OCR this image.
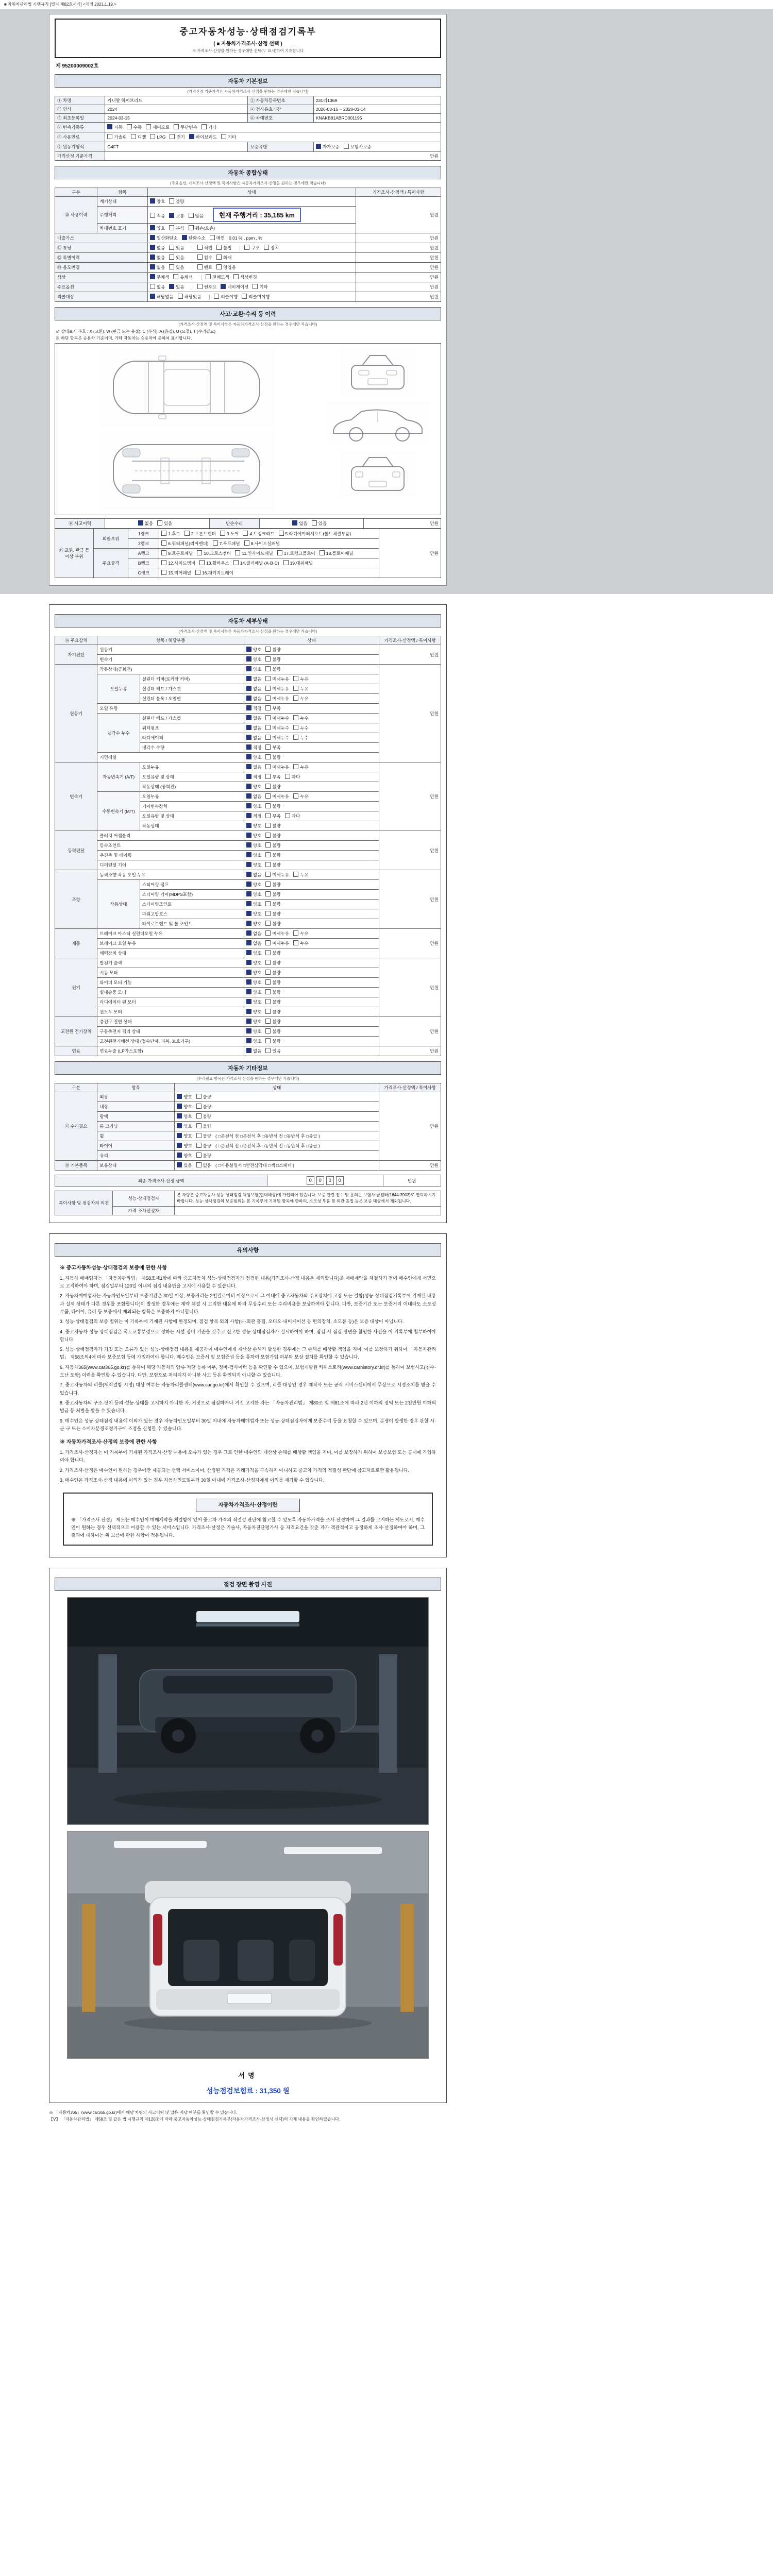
■ 자동차관리법 시행규칙 [별지 제82호서식] <개정 2021.1.19.>
중고자동차성능·상태점검기록부
( ■ 자동차가격조사·산정 선택 )
※ 가격조사·산정을 원하는 경우에만 선택(∨ 표시)하여 기재합니다
제 95200009002호
자동차 기본정보
(가격산정 기준가격은 자동차가격조사·산정을 원하는 경우에만 적습니다)
① 차명	카니발 하이브리드	② 자동차등록번호	231러1369
③ 연식	2024	④ 검사유효기간	2026-03-15 ~ 2028-03-14
⑤ 최초등록일	2024-03-15	⑥ 차대번호	KNAKB81ABRD001195
⑦ 변속기종류	자동 수동 세미오토 무단변속 기타		
⑧ 사용연료	가솔린 디젤 LPG 전기 하이브리드 기타		
⑨ 원동기형식	G4FT	보증유형	자가보증 보험사보증
가격산정 기준가격	만원		
자동차 종합상태
(주요옵션, 가격조사·산정액 및 특이사항은 자동차가격조사·산정을 원하는 경우에만 적습니다)
구분	항목	상태	가격조사·산정액 / 특이사항
⑩ 사용이력	계기상태	양호 불량	만원
	주행거리	적음 보통 많음 현재 주행거리 : 35,185 km	
	차대번호 표기	양호 부식 훼손(오손)	
배출가스		일산화탄소 탄화수소 매연 0.01 % , ppm , %	만원
⑪ 튜닝		없음 있음 적법 불법 구조 장치	만원
⑫ 특별이력		없음 있음 침수 화재	만원
⑬ 용도변경		없음 있음 렌트 영업용	만원
색상		무채색 유채색 전체도색 색상변경	만원
주요옵션		없음 있음 썬루프 네비게이션 기타	만원
리콜대상		해당없음 해당있음 리콜이행 리콜미이행	만원
사고·교환·수리 등 이력
(가격조사·산정액 및 특이사항은 자동차가격조사·산정을 원하는 경우에만 적습니다)
※ 상태표시 부호 : X (교환), W (판금 또는 용접), C (부식), A (흠집), U (요철), T (수리필요)
※ 하단 항목은 승용차 기준이며, 기타 자동차는 승용차에 준하여 표시합니다.
⑭ 사고이력	없음 있음	단순수리	없음 있음	만원
⑮ 교환, 판금 등 이상 부위	외판부위	1랭크	1.후드 2.프론트펜더 3.도어 4.트렁크리드 5.라디에이터서포트(볼트체결부품)	만원
		2랭크	6.쿼터패널(리어펜더) 7.루프패널 8.사이드실패널	
	주요골격	A랭크	9.프론트패널 10.크로스멤버 11.인사이드패널 17.트렁크플로어 18.플로어패널	
		B랭크	12.사이드멤버 13.휠하우스 14.필러패널 (A·B·C) 19.대쉬패널	
		C랭크	15.리어패널 16.패키지트레이	
자동차 세부상태
(가격조사·산정액 및 특이사항은 자동차가격조사·산정을 원하는 경우에만 적습니다)
⑯ 주요장치	항목 / 해당부품		상태	가격조사·산정액 / 특이사항
자기진단	원동기		양호 불량	만원
	변속기		양호 불량	
원동기	작동상태(공회전)		양호 불량	만원
	오일누유	실린더 커버(로커암 커버)	없음 미세누유 누유	
		실린더 헤드 / 가스켓	없음 미세누유 누유	
		실린더 블록 / 오일팬	없음 미세누유 누유	
	오일 유량		적정 부족	
	냉각수 누수	실린더 헤드 / 가스켓	없음 미세누수 누수	
		워터펌프	없음 미세누수 누수	
		라디에이터	없음 미세누수 누수	
		냉각수 수량	적정 부족	
	커먼레일		양호 불량	
변속기	자동변속기 (A/T)	오일누유	없음 미세누유 누유	만원
		오일유량 및 상태	적정 부족 과다	
		작동상태 (공회전)	양호 불량	
	수동변속기 (M/T)	오일누유	없음 미세누유 누유	
		기어변속장치	양호 불량	
		오일유량 및 상태	적정 부족 과다	
		작동상태	양호 불량	
동력전달	클러치 어셈블리		양호 불량	만원
	등속조인트		양호 불량	
	추진축 및 베어링		양호 불량	
	디퍼렌셜 기어		양호 불량	
조향	동력조향 작동 오일 누유		없음 미세누유 누유	만원
	작동상태	스티어링 펌프	양호 불량	
		스티어링 기어(MDPS포함)	양호 불량	
		스티어링조인트	양호 불량	
		파워고압호스	양호 불량	
		타이로드엔드 및 볼 조인트	양호 불량	
제동	브레이크 마스터 실린더오일 누유		없음 미세누유 누유	만원
	브레이크 오일 누유		없음 미세누유 누유	
	배력장치 상태		양호 불량	
전기	발전기 출력		양호 불량	만원
	시동 모터		양호 불량	
	와이퍼 모터 기능		양호 불량	
	실내송풍 모터		양호 불량	
	라디에이터 팬 모터		양호 불량	
	윈도우 모터		양호 불량	
고전원 전기장치	충전구 절연 상태		양호 불량	만원
	구동축전지 격리 상태		양호 불량	
	고전원전기배선 상태 (접속단자, 피복, 보호기구)		양호 불량	
연료	연료누출 (LP가스포함)		없음 있음	만원
자동차 기타정보
(수리필요 항목은 가격조사·산정을 원하는 경우에만 적습니다)
구분	항목	상태	가격조사·산정액 / 특이사항
⑰ 수리필요	외장	양호 불량	만원
	내장	양호 불량	
	광택	양호 불량	
	룸 크리닝	양호 불량	
	휠	양호 불량 ( □운전석 전 □운전석 후 □동반석 전 □동반석 후 □응급 )	
	타이어	양호 불량 ( □운전석 전 □운전석 후 □동반석 전 □동반석 후 □응급 )	
	유리	양호 불량	
⑱ 기본품목	보유상태	있음 없음 ( □사용설명서 □안전삼각대 □잭 □스패너 )	만원
최종 가격조사·산정 금액	0 0 0 0	만원
특이사항 및 점검자의 의견	성능·상태점검자	본 차량은 중고자동차 성능·상태점검 책임보험(현대해상)에 가입되어 있습니다. 보증 관련 접수 및 문의는 보험사 콜센터(1644-3903)로 연락하시기 바랍니다. 성능·상태점검의 보증범위는 본 기록부에 기재된 항목에 한하며, 소모성 부품 및 외관 흠집 등은 보증 대상에서 제외됩니다.
	가격·조사산정자	
유의사항
※ 중고자동차성능·상태점검의 보증에 관한 사항
1. 자동차 매매업자는 「자동차관리법」 제58조제1항에 따라 중고자동차 성능·상태점검자가 점검한 내용(가격조사·산정 내용은 제외합니다)을 매매계약을 체결하기 전에 매수인에게 서면으로 고지하여야 하며, 점검일부터 120일 이내의 점검 내용만을 고지에 사용할 수 있습니다.
2. 자동차매매업자는 자동차인도일부터 보증기간은 30일 이상, 보증거리는 2천킬로미터 이상으로서 그 이내에 중고자동차의 주요장치에 고장 또는 결함(성능·상태점검기록부에 기재된 내용과 실제 상태가 다른 경우를 포함합니다)이 발생한 경우에는 계약 체결 시 고지한 내용에 따라 무상수리 또는 수리비용을 보상하여야 합니다. 다만, 보증기간 또는 보증거리 이내라도 소모성 부품, 타이어, 유리 등 보증에서 제외되는 항목은 보증하지 아니합니다.
3. 성능·상태점검의 보증 범위는 이 기록부에 기재된 사항에 한정되며, 점검 항목 외의 사항(내·외관 흠집, 오디오·내비게이션 등 편의장치, 소모품 등)은 보증 대상이 아닙니다.
4. 중고자동차 성능·상태점검은 국토교통부령으로 정하는 시설·장비 기준을 갖추고 신고한 성능·상태점검자가 실시하여야 하며, 점검 시 점검 장면을 촬영한 사진을 이 기록부에 첨부하여야 합니다.
5. 성능·상태점검자가 거짓 또는 오류가 있는 성능·상태점검 내용을 제공하여 매수인에게 재산상 손해가 발생한 경우에는 그 손해를 배상할 책임을 지며, 이를 보장하기 위하여 「자동차관리법」 제58조의4에 따라 보증보험 등에 가입하여야 합니다. 매수인은 보증서 및 보험증권 등을 통하여 보험가입 여부와 보상 절차를 확인할 수 있습니다.
6. 자동차365(www.car365.go.kr)를 통하여 해당 자동차의 압류·저당 등록 여부, 정비·검사이력 등을 확인할 수 있으며, 보험개발원 카히스토리(www.carhistory.or.kr)를 통하여 보험사고(침수·도난 포함) 이력을 확인할 수 있습니다. 다만, 보험으로 처리되지 아니한 사고 등은 확인되지 아니할 수 있습니다.
7. 중고자동차의 리콜(제작결함 시정) 대상 여부는 자동차리콜센터(www.car.go.kr)에서 확인할 수 있으며, 리콜 대상인 경우 제작사 또는 공식 서비스센터에서 무상으로 시정조치를 받을 수 있습니다.
8. 중고자동차의 구조·장치 등의 성능·상태를 고지하지 아니한 자, 거짓으로 점검하거나 거짓 고지한 자는 「자동차관리법」 제80조 및 제81조에 따라 2년 이하의 징역 또는 2천만원 이하의 벌금 등 처벌을 받을 수 있습니다.
9. 매수인은 성능·상태점검 내용에 이의가 있는 경우 자동차인도일부터 30일 이내에 자동차매매업자 또는 성능·상태점검자에게 보증수리 등을 요청할 수 있으며, 분쟁이 발생한 경우 관할 시·군·구 또는 소비자분쟁조정기구에 조정을 신청할 수 있습니다.
※ 자동차가격조사·산정의 보증에 관한 사항
1. 가격조사·산정자는 이 기록부에 기재된 가격조사·산정 내용에 오류가 있는 경우 그로 인한 매수인의 재산상 손해를 배상할 책임을 지며, 이를 보장하기 위하여 보증보험 또는 공제에 가입하여야 합니다.
2. 가격조사·산정은 매수인이 원하는 경우에만 제공되는 선택 서비스이며, 산정된 가격은 거래가격을 구속하지 아니하고 중고차 가격의 적절성 판단에 참고자료로만 활용됩니다.
3. 매수인은 가격조사·산정 내용에 이의가 있는 경우 자동차인도일부터 30일 이내에 가격조사·산정자에게 이의를 제기할 수 있습니다.
자동차가격조사·산정이란
※ 「가격조사·산정」 제도는 매수인이 매매계약을 체결함에 있어 중고차 가격의 적절성 판단에 참고할 수 있도록 자동차가격을 조사·산정하여 그 결과를 고지하는 제도로서, 매수인이 원하는 경우 선택적으로 이용할 수 있는 서비스입니다. 가격조사·산정은 기술사, 자동차진단평가사 등 자격요건을 갖춘 자가 객관적이고 공정하게 조사·산정하여야 하며, 그 결과에 대하여는 위 보증에 관한 사항이 적용됩니다.
점검 장면 촬영 사진
서명
성능점검보험료 : 31,350 원
※ 「자동차365」(www.car365.go.kr)에서 해당 차량의 사고이력 및 압류·저당 여부를 확인할 수 있습니다.
【Ⅴ】 「자동차관리법」 제58조 및 같은 법 시행규칙 제120조에 따라 중고자동차성능·상태점검기록부(자동차가격조사·산정서 선택)의 기재 내용을 확인하였습니다.
